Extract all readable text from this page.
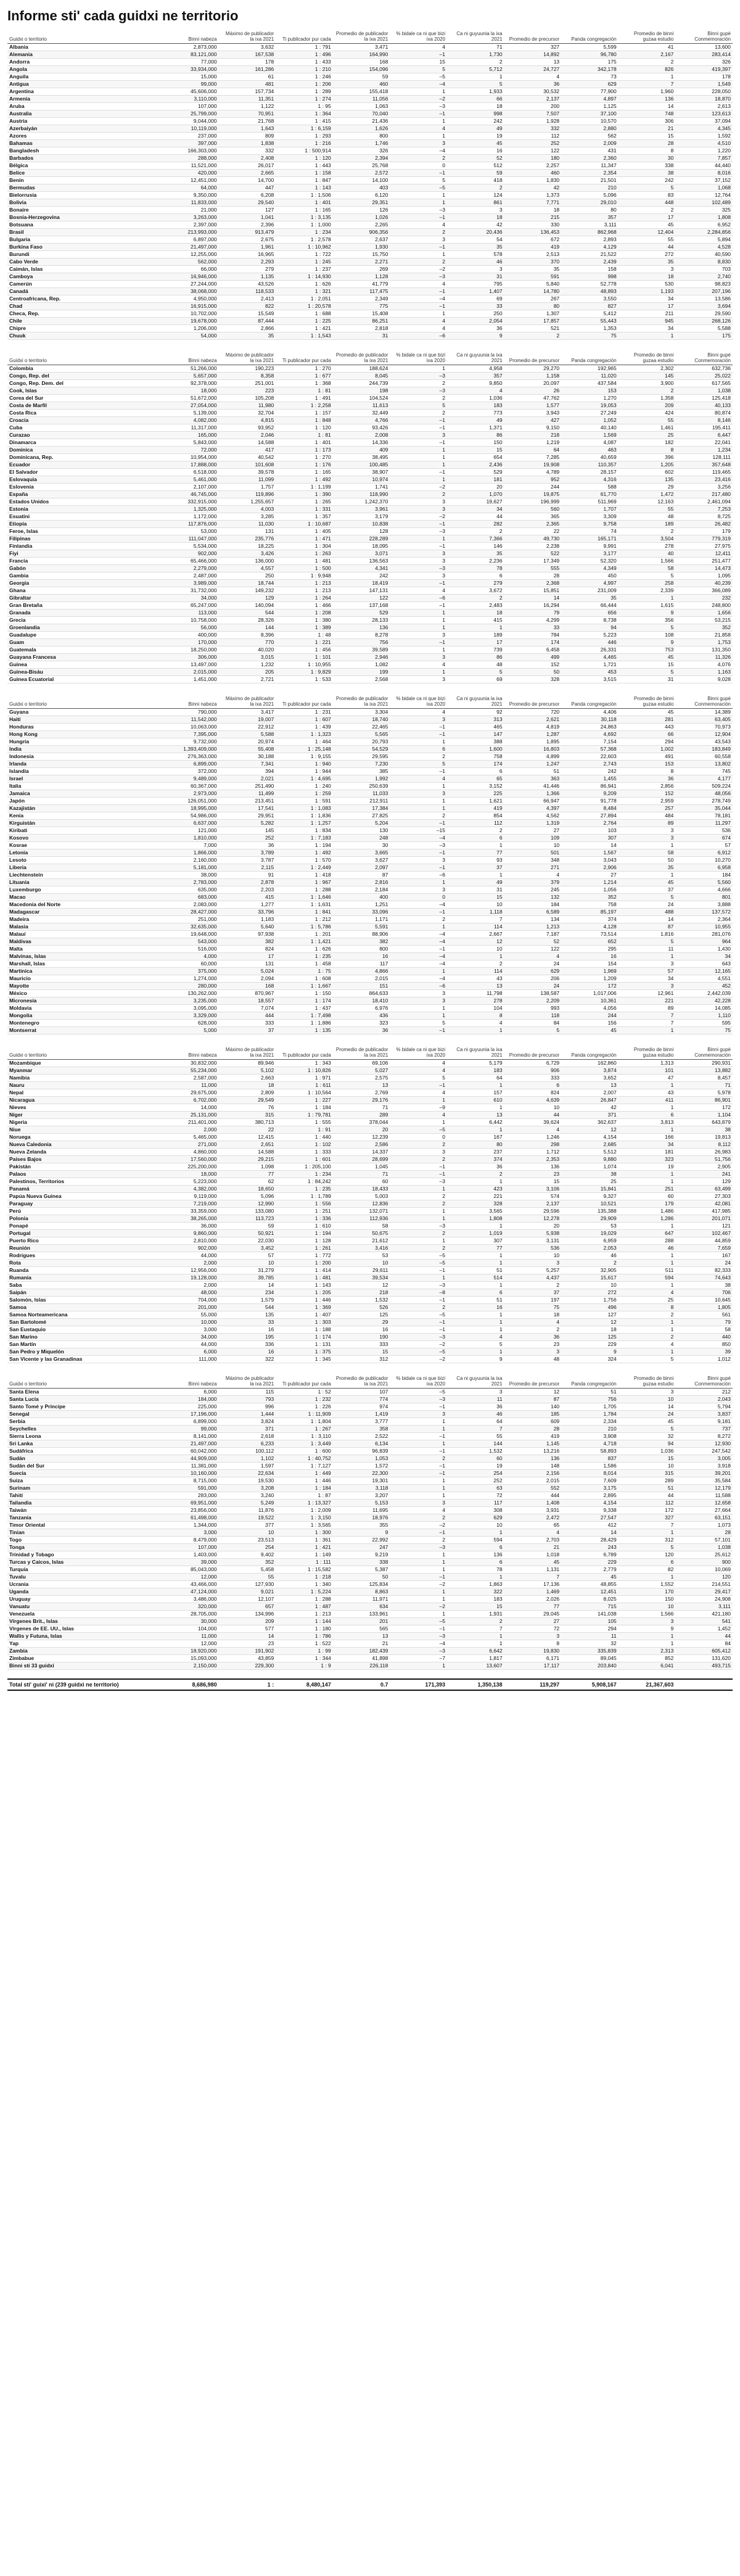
Informe sti' cada guidxi ne territorio
Guidxi o territorio	Binni nabeza	Máximo de publicador la ixa 2021	Ti publicador pur cada	Promedio de publicador la ixa 2021	% bidale ca ni que bizi ixa 2020	Ca ni guyuunia la ixa 2021	Promedio de precursor	Panda congregación	Promedio de binni guzaa estudio	Binni gupé Conmemoración
Albania	2,873,000	3,632	1 : 791	3,471	4	71	327	5,599	41	13,600
Alemania	83,121,000	167,538	1 : 496	164,990	–1	1,730	14,892	96,780	2,167	283,414
Andorra	77,000	178	1 : 433	168	15	2	13	175	2	326
Angola	33,934,000	161,286	1 : 210	154,096	5	5,712	24,727	342,178	826	419,397
Anguila	15,000	61	1 : 246	59	–5	1	4	73	1	178
Antigua	99,000	481	1 : 206	460	–4	5	36	629	7	1,549
Argentina	45,606,000	157,734	1 : 289	155,418	1	1,933	30,532	77,900	1,960	228,050
Armenia	3,110,000	11,351	1 : 274	11,056	–2	66	2,137	4,897	136	18,870
Aruba	107,000	1,122	1 : 95	1,063	–3	18	200	1,125	14	2,613
Australia	25,799,000	70,951	1 : 364	70,040	–1	998	7,507	37,100	748	123,613
Austria	9,044,000	21,768	1 : 415	21,436	1	242	1,928	10,570	306	37,094
Azerbaiyán	10,119,000	1,643	1 : 6,159	1,626	4	49	332	2,880	21	4,345
Azores	237,000	809	1 : 293	800	1	19	112	562	15	1,592
Bahamas	397,000	1,838	1 : 216	1,746	3	45	252	2,009	28	4,510
Bangladesh	166,303,000	332	1 : 500,914	326	–4	16	122	431	8	1,220
Barbados	288,000	2,408	1 : 120	2,394	2	52	180	2,360	30	7,857
Bélgica	11,521,000	26,017	1 : 443	25,768	0	512	2,257	11,347	338	44,440
Belice	420,000	2,665	1 : 158	2,572	–1	59	460	2,354	38	8,016
Benín	12,451,000	14,700	1 : 847	14,100	5	418	1,830	21,501	242	37,152
Bermudas	64,000	447	1 : 143	403	–5	2	42	210	5	1,068
Bielorrusia	9,350,000	6,208	1 : 1,506	6,120	1	124	1,373	5,096	83	12,764
Bolivia	11,833,000	29,540	1 : 401	29,351	1	861	7,771	29,010	448	102,489
Bonaire	21,000	127	1 : 165	126	–3	3	18	80	2	325
Bosnia-Herzegovina	3,263,000	1,041	1 : 3,135	1,026	–1	18	215	357	17	1,808
Botsuana	2,397,000	2,396	1 : 1,000	2,265	4	42	330	3,111	45	6,952
Brasil	213,993,000	913,479	1 : 234	906,356	2	20,436	136,453	862,968	12,404	2,284,856
Bulgaria	6,897,000	2,675	1 : 2,578	2,637	3	54	672	2,893	55	5,894
Burkina Faso	21,497,000	1,961	1 : 10,962	1,930	–1	35	419	4,129	44	4,528
Burundi	12,255,000	16,965	1 : 722	15,750	1	578	2,513	21,522	272	40,590
Cabo Verde	562,000	2,293	1 : 245	2,271	2	46	370	2,439	35	8,830
Caimán, Islas	66,000	279	1 : 237	269	–2	3	35	158	3	703
Camboya	16,946,000	1,135	1 : 14,930	1,128	–3	31	591	998	18	2,740
Camerún	27,244,000	43,526	1 : 626	41,779	4	795	5,840	52,778	530	98,823
Canadá	38,068,000	118,533	1 : 321	117,475	–1	1,407	14,780	48,893	1,193	207,196
Centroafricana, Rep.	4,950,000	2,413	1 : 2,051	2,349	–4	69	267	3,550	34	13,586
Chad	16,915,000	822	1 : 20,578	775	–1	33	80	827	17	3,694
Checa, Rep.	10,702,000	15,549	1 : 688	15,408	1	250	1,307	5,412	211	29,590
Chile	19,678,000	87,444	1 : 225	86,251	4	2,054	17,857	55,443	945	268,126
Chipre	1,206,000	2,866	1 : 421	2,818	4	36	521	1,353	34	5,588
Chuuk	54,000	35	1 : 1,543	31	–6	9	2	75	1	175
Guidxi o territorio	Binni nabeza	Máximo de publicador la ixa 2021	Ti publicador pur cada	Promedio de publicador la ixa 2021	% bidale ca ni que bizi ixa 2020	Ca ni guyuunia la ixa 2021	Promedio de precursor	Panda congregación	Promedio de binni guzaa estudio	Binni gupé Conmemoración
Colombia	51,266,000	190,223	1 : 270	188,624	1	4,958	29,270	192,965	2,302	632,736
Congo, Rep. del	5,657,000	8,358	1 : 677	8,045	–3	357	1,158	11,020	145	25,022
Congo, Rep. Dem. del	92,378,000	251,001	1 : 368	244,739	2	9,850	20,097	437,584	3,900	617,565
Cook, Islas	18,000	223	1 : 81	198	–3	4	26	153	2	1,038
Corea del Sur	51,672,000	105,208	1 : 491	104,524	2	1,036	47,762	1,270	1,358	125,418
Costa de Marfil	27,054,000	11,980	1 : 2,258	11,613	5	183	1,577	19,053	209	40,133
Costa Rica	5,139,000	32,704	1 : 157	32,449	2	773	3,943	27,249	424	80,874
Croacia	4,082,000	4,815	1 : 848	4,766	–1	49	427	1,052	55	8,146
Cuba	11,317,000	93,952	1 : 120	93,426	–1	1,371	9,150	40,140	1,461	195,411
Curazao	165,000	2,046	1 : 81	2,008	3	86	218	1,569	25	6,447
Dinamarca	5,843,000	14,588	1 : 401	14,336	–1	150	1,219	4,087	182	22,041
Dominica	72,000	417	1 : 173	409	1	15	64	463	8	1,234
Dominicana, Rep.	10,954,000	40,542	1 : 270	38,495	1	654	7,285	40,659	396	128,111
Ecuador	17,888,000	101,608	1 : 176	100,485	1	2,436	19,908	110,357	1,205	357,648
El Salvador	6,518,000	39,578	1 : 165	38,907	–1	529	4,789	28,157	602	119,465
Eslovaquia	5,461,000	11,099	1 : 492	10,974	1	181	952	4,316	135	23,416
Eslovenia	2,107,000	1,757	1 : 1,199	1,741	–2	20	244	588	29	3,256
España	46,745,000	119,896	1 : 390	118,990	2	1,070	19,875	61,770	1,472	217,480
Estados Unidos	332,915,000	1,255,657	1 : 265	1,242,370	3	19,627	196,999	511,969	12,163	2,461,094
Estonia	1,325,000	4,003	1 : 331	3,961	3	34	560	1,707	55	7,253
Esuatini	1,172,000	3,285	1 : 357	3,179	–2	44	365	3,309	48	8,725
Etiopía	117,876,000	11,030	1 : 10,687	10,838	–1	282	2,365	9,758	189	26,482
Feroe, Islas	53,000	131	1 : 405	128	–3	2	22	74	2	179
Filipinas	111,047,000	235,776	1 : 471	228,289	1	7,366	49,730	165,171	3,504	779,319
Finlandia	5,534,000	18,225	1 : 304	18,095	–1	146	2,238	9,991	278	27,975
Fiyi	902,000	3,426	1 : 263	3,071	3	35	522	3,177	40	12,411
Francia	65,466,000	136,000	1 : 481	136,563	3	2,236	17,349	52,320	1,566	251,477
Gabón	2,279,000	4,557	1 : 500	4,341	–3	78	555	4,349	58	14,473
Gambia	2,487,000	250	1 : 9,948	242	3	6	28	450	5	1,095
Georgia	3,989,000	18,744	1 : 213	18,419	–1	279	2,368	4,997	258	40,239
Ghana	31,732,000	149,232	1 : 213	147,131	4	3,672	15,851	231,009	2,339	366,089
Gibraltar	34,000	129	1 : 264	122	–6	2	14	35	1	232
Gran Bretaña	65,247,000	140,094	1 : 466	137,168	–1	2,483	16,294	66,444	1,615	248,800
Granada	113,000	544	1 : 208	529	1	18	79	656	9	1,656
Grecia	10,758,000	28,326	1 : 380	28,133	1	415	4,299	8,738	356	53,215
Groenlandia	56,000	144	1 : 389	136	1	1	33	94	5	352
Guadalupe	400,000	8,396	1 : 48	8,278	3	189	784	5,223	108	21,858
Guam	170,000	770	1 : 221	756	–1	17	174	446	9	1,753
Guatemala	18,250,000	40,020	1 : 456	39,589	1	739	6,458	26,331	753	131,350
Guayana Francesa	306,000	3,015	1 : 101	2,946	3	86	499	4,465	45	11,326
Guinea	13,497,000	1,232	1 : 10,955	1,082	4	48	152	1,721	15	4,076
Guinea-Bisáu	2,015,000	205	1 : 9,829	199	1	5	50	453	5	1,163
Guinea Ecuatorial	1,451,000	2,721	1 : 533	2,568	3	69	328	3,515	31	9,028
Guidxi o territorio	Binni nabeza	Máximo de publicador la ixa 2021	Ti publicador pur cada	Promedio de publicador la ixa 2021	% bidale ca ni que bizi ixa 2020	Ca ni guyuunia la ixa 2021	Promedio de precursor	Panda congregación	Promedio de binni guzaa estudio	Binni gupé Conmemoración
Guyana	790,000	3,417	1 : 231	3,304	4	92	720	4,406	45	14,389
Haití	11,542,000	19,007	1 : 607	18,740	3	313	2,621	30,118	281	63,405
Honduras	10,063,000	22,912	1 : 439	22,465	–1	465	4,819	24,863	443	70,973
Hong Kong	7,395,000	5,588	1 : 1,323	5,565	–1	147	1,287	4,692	66	12,904
Hungría	9,732,000	20,974	1 : 464	20,793	1	388	1,895	7,154	294	43,543
India	1,393,409,000	55,408	1 : 25,148	54,529	6	1,600	16,803	57,368	1,002	183,849
Indonesia	276,363,000	30,188	1 : 9,155	29,595	2	758	4,899	22,603	491	60,558
Irlanda	6,899,000	7,341	1 : 940	7,230	5	174	1,247	2,743	153	13,802
Islandia	372,000	394	1 : 944	385	–1	6	51	242	8	745
Israel	9,489,000	2,021	1 : 4,695	1,992	4	65	363	1,455	36	4,177
Italia	60,367,000	251,490	1 : 240	250,639	1	3,152	41,446	86,941	2,856	509,224
Jamaica	2,973,000	11,499	1 : 259	11,033	3	225	1,366	9,209	152	48,056
Japón	126,051,000	213,451	1 : 591	212,911	1	1,621	66,947	91,778	2,959	278,749
Kazajistán	18,995,000	17,541	1 : 1,083	17,384	1	419	4,397	8,484	257	35,044
Kenia	54,986,000	29,951	1 : 1,836	27,825	2	854	4,562	27,894	484	78,181
Kirguistán	6,637,000	5,282	1 : 1,257	5,204	–1	112	1,319	2,764	89	11,297
Kiribati	121,000	145	1 : 834	130	–15	2	27	103	3	536
Kosovo	1,810,000	252	1 : 7,183	248	–4	6	109	307	3	674
Kosrae	7,000	36	1 : 194	30	–3	1	10	14	1	57
Letonia	1,866,000	3,789	1 : 492	3,665	–1	77	501	1,567	58	6,912
Lesoto	2,160,000	3,787	1 : 570	3,627	3	93	348	3,043	50	10,270
Liberia	5,181,000	2,115	1 : 2,449	2,097	–1	37	271	2,906	35	6,958
Liechtenstein	38,000	91	1 : 418	87	–6	1	4	27	1	184
Lituania	2,783,000	2,878	1 : 967	2,816	1	49	379	1,214	45	5,560
Luxemburgo	635,000	2,203	1 : 288	2,184	3	31	245	1,056	37	4,666
Macao	683,000	415	1 : 1,646	400	0	15	132	352	5	801
Macedonia del Norte	2,083,000	1,277	1 : 1,631	1,251	–4	10	184	758	24	3,888
Madagascar	28,427,000	33,796	1 : 841	33,096	–1	1,118	6,589	85,197	488	137,572
Madeira	251,000	1,183	1 : 212	1,171	2	7	134	374	14	2,364
Malasia	32,635,000	5,640	1 : 5,786	5,591	1	114	1,213	4,128	87	10,955
Malauí	19,648,000	97,938	1 : 201	88,906	–4	2,667	7,187	73,514	1,816	281,076
Maldivas	543,000	382	1 : 1,421	382	–4	12	52	652	5	964
Malta	516,000	824	1 : 626	800	–1	10	122	295	11	1,430
Malvinas, Islas	4,000	17	1 : 235	16	–4	1	4	16	1	34
Marshall, Islas	60,000	131	1 : 458	117	–4	2	24	154	3	643
Martinica	375,000	5,024	1 : 75	4,866	1	114	629	1,969	57	12,165
Mauricio	1,274,000	2,094	1 : 608	2,015	–4	43	206	1,209	34	4,551
Mayotte	280,000	168	1 : 1,667	151	–6	13	24	172	3	452
México	130,262,000	870,967	1 : 150	864,633	3	11,798	138,587	1,017,006	12,961	2,442,039
Micronesia	3,235,000	18,557	1 : 174	18,410	3	278	2,209	10,361	221	42,228
Moldavia	3,095,000	7,074	1 : 437	6,976	1	104	993	4,056	89	14,085
Mongolia	3,329,000	444	1 : 7,498	436	1	8	118	244	7	1,110
Montenegro	628,000	333	1 : 1,886	323	5	4	84	156	7	595
Montserrat	5,000	37	1 : 135	36	–1	1	5	45	1	75
Guidxi o territorio	Binni nabeza	Máximo de publicador la ixa 2021	Ti publicador pur cada	Promedio de publicador la ixa 2021	% bidale ca ni que bizi ixa 2020	Ca ni guyuunia la ixa 2021	Promedio de precursor	Panda congregación	Promedio de binni guzaa estudio	Binni gupé Conmemoración
Mozambique	30,832,000	89,946	1 : 343	69,106	4	5,179	6,729	162,860	1,313	290,931
Myanmar	55,234,000	5,102	1 : 10,826	5,027	4	183	906	3,874	101	13,882
Namibia	2,587,000	2,663	1 : 971	2,575	5	64	333	3,652	47	8,457
Nauru	11,000	18	1 : 611	13	–1	1	6	13	1	71
Nepal	29,675,000	2,809	1 : 10,564	2,769	4	157	824	2,007	43	5,978
Nicaragua	6,702,000	29,549	1 : 227	29,176	1	610	4,639	26,847	411	86,901
Nieves	14,000	76	1 : 184	71	–9	1	10	42	1	172
Níger	25,131,000	315	1 : 79,781	289	4	13	44	371	6	1,104
Nigeria	211,401,000	380,713	1 : 555	378,044	1	6,442	39,624	362,637	3,813	643,879
Niue	2,000	22	1 : 91	20	–5	1	4	12	1	38
Noruega	5,465,000	12,415	1 : 440	12,239	0	167	1,246	4,154	166	19,813
Nueva Caledonia	271,000	2,651	1 : 102	2,586	2	80	298	2,685	34	8,112
Nueva Zelanda	4,860,000	14,588	1 : 333	14,337	3	237	1,712	5,512	181	26,983
Países Bajos	17,560,000	29,215	1 : 601	28,699	2	374	2,353	9,880	323	51,756
Pakistán	225,200,000	1,098	1 : 205,100	1,045	–1	36	136	1,074	19	2,905
Palaos	18,000	77	1 : 234	71	–1	2	23	38	1	241
Palestinos, Territorios	5,223,000	62	1 : 84,242	60	–3	1	15	25	1	129
Panamá	4,382,000	18,650	1 : 235	18,433	1	423	3,106	15,841	251	63,499
Papúa Nueva Guinea	9,119,000	5,096	1 : 1,789	5,003	2	221	574	9,327	60	27,303
Paraguay	7,219,000	12,990	1 : 556	12,836	2	328	2,137	10,521	179	42,081
Perú	33,359,000	133,080	1 : 251	132,071	1	3,565	29,596	135,388	1,486	417,985
Polonia	38,265,000	113,723	1 : 336	112,936	1	1,808	12,278	29,909	1,286	201,071
Ponapé	36,000	59	1 : 610	58	–3	1	20	53	1	121
Portugal	9,860,000	50,921	1 : 194	50,675	2	1,019	5,938	19,029	647	102,467
Puerto Rico	2,810,000	22,030	1 : 128	21,612	1	307	3,131	6,959	288	44,859
Reunión	902,000	3,452	1 : 261	3,416	2	77	536	2,053	46	7,659
Rodrigues	44,000	57	1 : 772	53	–5	1	10	46	1	167
Rota	2,000	10	1 : 200	10	–5	1	3	2	1	24
Ruanda	12,956,000	31,279	1 : 414	29,611	–1	51	5,257	32,905	511	82,333
Rumania	19,128,000	39,785	1 : 481	39,534	1	514	4,437	15,617	594	74,643
Saba	2,000	14	1 : 143	12	–3	1	2	10	1	38
Saipán	48,000	234	1 : 205	218	–8	6	37	272	4	706
Salomón, Islas	704,000	1,579	1 : 446	1,532	–1	51	197	1,756	25	10,645
Samoa	201,000	544	1 : 369	526	2	16	75	496	8	1,805
Samoa Norteamericana	55,000	135	1 : 407	125	–5	1	18	127	2	561
San Bartolomé	10,000	33	1 : 303	29	–1	1	4	12	1	79
San Eustaquio	3,000	16	1 : 188	16	–1	1	2	18	1	58
San Marino	34,000	195	1 : 174	190	–3	4	36	125	2	440
San Martín	44,000	336	1 : 131	333	–2	5	23	229	4	850
San Pedro y Miquelón	6,000	16	1 : 375	15	–5	1	3	9	1	39
San Vicente y las Granadinas	111,000	322	1 : 345	312	–2	9	48	324	5	1,012
Guidxi o territorio	Binni nabeza	Máximo de publicador la ixa 2021	Ti publicador pur cada	Promedio de publicador la ixa 2021	% bidale ca ni que bizi ixa 2020	Ca ni guyuunia la ixa 2021	Promedio de precursor	Panda congregación	Promedio de binni guzaa estudio	Binni gupé Conmemoración
Santa Elena	6,000	115	1 : 52	107	–5	3	12	51	3	212
Santa Lucía	184,000	793	1 : 232	774	–3	11	87	756	10	2,043
Santo Tomé y Príncipe	225,000	996	1 : 226	974	–1	36	140	1,705	14	5,794
Senegal	17,196,000	1,444	1 : 11,909	1,419	3	46	185	1,784	24	3,837
Serbia	6,899,000	3,824	1 : 1,804	3,777	1	64	609	2,334	45	9,181
Seychelles	99,000	371	1 : 267	358	1	7	28	210	5	737
Sierra Leona	8,141,000	2,618	1 : 3,110	2,522	–1	55	419	3,908	32	8,272
Sri Lanka	21,497,000	6,233	1 : 3,449	6,134	1	144	1,145	4,718	94	12,930
Sudáfrica	60,042,000	100,112	1 : 600	96,839	–1	1,532	13,216	58,893	1,036	247,542
Sudán	44,909,000	1,102	1 : 40,752	1,053	2	60	136	837	15	3,005
Sudán del Sur	11,381,000	1,597	1 : 7,127	1,572	–1	19	148	1,586	10	3,918
Suecia	10,160,000	22,634	1 : 449	22,300	–1	254	2,156	8,014	315	39,201
Suiza	8,715,000	19,530	1 : 446	19,301	1	252	2,015	7,609	289	35,584
Surinam	591,000	3,208	1 : 184	3,118	1	63	552	3,175	51	12,179
Tahití	283,000	3,240	1 : 87	3,207	1	72	444	2,895	44	11,588
Tailandia	69,951,000	5,249	1 : 13,327	5,153	3	117	1,408	4,154	112	12,658
Taiwán	23,856,000	11,876	1 : 2,009	11,695	4	308	3,931	9,338	172	27,664
Tanzania	61,498,000	19,522	1 : 3,150	18,976	2	629	2,472	27,547	327	63,151
Timor Oriental	1,344,000	377	1 : 3,565	355	–2	10	65	412	7	1,073
Tinian	3,000	10	1 : 300	9	–1	1	4	14	1	28
Togo	8,479,000	23,513	1 : 361	22,992	2	594	2,703	28,429	312	57,101
Tonga	107,000	254	1 : 421	247	–3	6	21	243	5	1,038
Trinidad y Tobago	1,403,000	9,402	1 : 149	9,219	1	136	1,018	6,789	120	25,612
Turcas y Caicos, Islas	39,000	352	1 : 111	338	1	6	45	229	6	900
Turquía	85,043,000	5,458	1 : 15,582	5,387	1	78	1,131	2,779	82	10,069
Tuvalu	12,000	55	1 : 218	50	–1	1	7	45	1	120
Ucrania	43,466,000	127,930	1 : 340	125,834	–2	1,863	17,136	48,855	1,552	214,551
Uganda	47,124,000	9,021	1 : 5,224	8,863	1	322	1,469	12,451	170	29,417
Uruguay	3,486,000	12,107	1 : 288	11,971	1	183	2,026	8,025	150	24,908
Vanuatu	320,000	657	1 : 487	634	–2	15	77	715	10	3,111
Venezuela	28,705,000	134,996	1 : 213	133,961	1	1,931	29,045	141,038	1,566	421,180
Vírgenes Brit., Islas	30,000	209	1 : 144	201	–5	2	27	105	3	541
Vírgenes de EE. UU., Islas	104,000	577	1 : 180	565	–1	7	72	294	9	1,452
Wallis y Futuna, Islas	11,000	14	1 : 786	13	–3	1	3	11	1	44
Yap	12,000	23	1 : 522	21	–4	1	8	32	1	84
Zambia	18,920,000	191,902	1 : 99	182,439	–3	6,642	19,830	335,839	2,313	605,412
Zimbabue	15,093,000	43,859	1 : 344	41,898	–7	1,817	6,171	89,045	852	131,620
Binni sti 33 guidxi	2,150,000	229,300	1 : 9	226,118	1	13,607	17,117	203,840	6,041	493,715
Total sti' guixi' ni (239 guidxi ne territorio)	8,686,980	1 :	8,480,147	0.7	171,393	1,350,138	119,297	5,908,167	21,367,603
